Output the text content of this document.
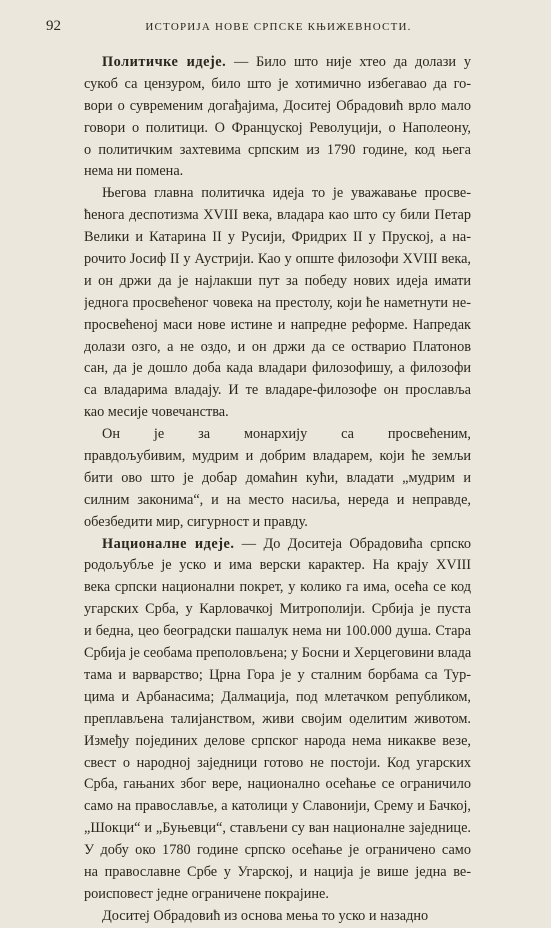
92	ИСТОРИЈА НОВЕ СРПСКЕ КЊИЖЕВНОСТИ.
Политичке идеје. — Било што није хтео да долази у
сукоб са цензуром, било што је хотимично избегавао да го-
вори о сувременим догађајима, Доситеј Обрадовић врло мало
говори о политици. О Француској Револуцији, о Наполеону,
о политичким захтевима српским из 1790 године, код њега
нема ни помена.
Његова главна политичка идеја то је уважавање просве-
ћенога деспотизма XVIII века, владара као што су били Петар
Велики и Катарина II у Русији, Фридрих II у Пруској, а на-
рочито Јосиф II у Аустрији. Као у опште филозофи XVIII века,
и он држи да је најлакши пут за победу нових идеја имати
једнога просвећеног човека на престолу, који ће наметнути не-
просвећеној маси нове истине и напредне реформе. Напредак
долази озго, а не оздо, и он држи да се остварио Платонов
сан, да је дошло доба када владари филозофишу, а филозофи
са владарима владају. И те владаре-филозофе он прославља
као месије човечанства.
Он је за монархију са просвећеним,
правдољубивим, мудрим и добрим владарем, који ће земљи
бити ово што је добар домаћин кући, владати „мудрим и
силним законима“, и на место насиља, нереда и неправде,
обезбедити мир, сигурност и правду.
Националне идеје. — До Доситеја Обрадовића српско
родољубље је уско и има верски карактер. На крају XVIII
века српски национални покрет, у колико га има, осећа се код
угарских Срба, у Карловачкој Митрополији. Србија је пуста
и бедна, цео београдски пашалук нема ни 100.000 душа. Стара
Србија је сеобама преполовљена; у Босни и Херцеговини влада
тама и варварство; Црна Гора је у сталним борбама са Тур-
цима и Арбанасима; Далмација, под млетачком републиком,
преплављена талијанством, живи својим оделитим животом.
Између појединих делове српског народа нема никакве везе,
свест о народној заједници готово не постоји. Код угарских
Срба, гањаних због вере, национално осећање се ограничило
само на православље, а католици у Славонији, Срему и Бачкој,
„Шокци“ и „Буњевци“, стављени су ван националне заједнице.
У добу око 1780 године српско осећање је ограничено само
на православне Србе у Угарској, и нација је више једна ве-
роисповест једне ограничене покрајине.
Доситеј Обрадовић из основа мења то уско и назадно
